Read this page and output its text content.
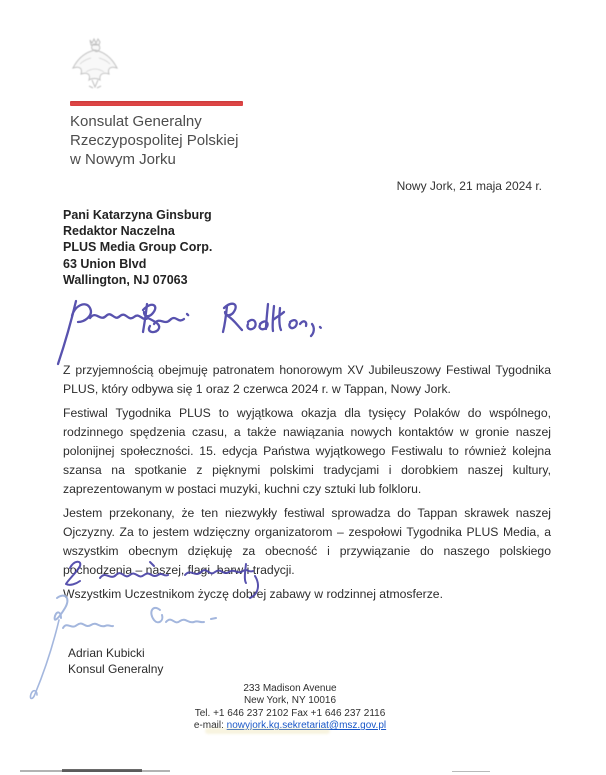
Konsulat Generalny
Rzeczypospolitej Polskiej
w Nowym Jorku
Nowy Jork, 21 maja 2024 r.
Pani Katarzyna Ginsburg
Redaktor Naczelna
PLUS Media Group Corp.
63 Union Blvd
Wallington, NJ 07063

Z przyjemnością obejmuję patronatem honorowym XV Jubileuszowy Festiwal Tygodnika PLUS, który odbywa się 1 oraz 2 czerwca 2024 r. w Tappan, Nowy Jork.

Festiwal Tygodnika PLUS to wyjątkowa okazja dla tysięcy Polaków do wspólnego, rodzinnego spędzenia czasu, a także nawiązania nowych kontaktów w gronie naszej polonijnej społeczności. 15. edycja Państwa wyjątkowego Festiwalu to również kolejna szansa na spotkanie z pięknymi polskimi tradycjami i dorobkiem naszej kultury, zaprezentowanym w postaci muzyki, kuchni czy sztuki lub folkloru.

Jestem przekonany, że ten niezwykły festiwal sprowadza do Tappan skrawek naszej Ojczyzny. Za to jestem wdzięczny organizatorom – zespołowi Tygodnika PLUS Media, a wszystkim obecnym dziękuję za obecność i przywiązanie do naszego polskiego pochodzenia – naszej, flagi, barw i tradycji.

Wszystkim Uczestnikom życzę dobrej zabawy w rodzinnej atmosferze.

Adrian Kubicki
Konsul Generalny
233 Madison Avenue
New York, NY 10016
Tel. +1 646 237 2102 Fax +1 646 237 2116
e-mail: nowyjork.kg.sekretariat@msz.gov.pl
